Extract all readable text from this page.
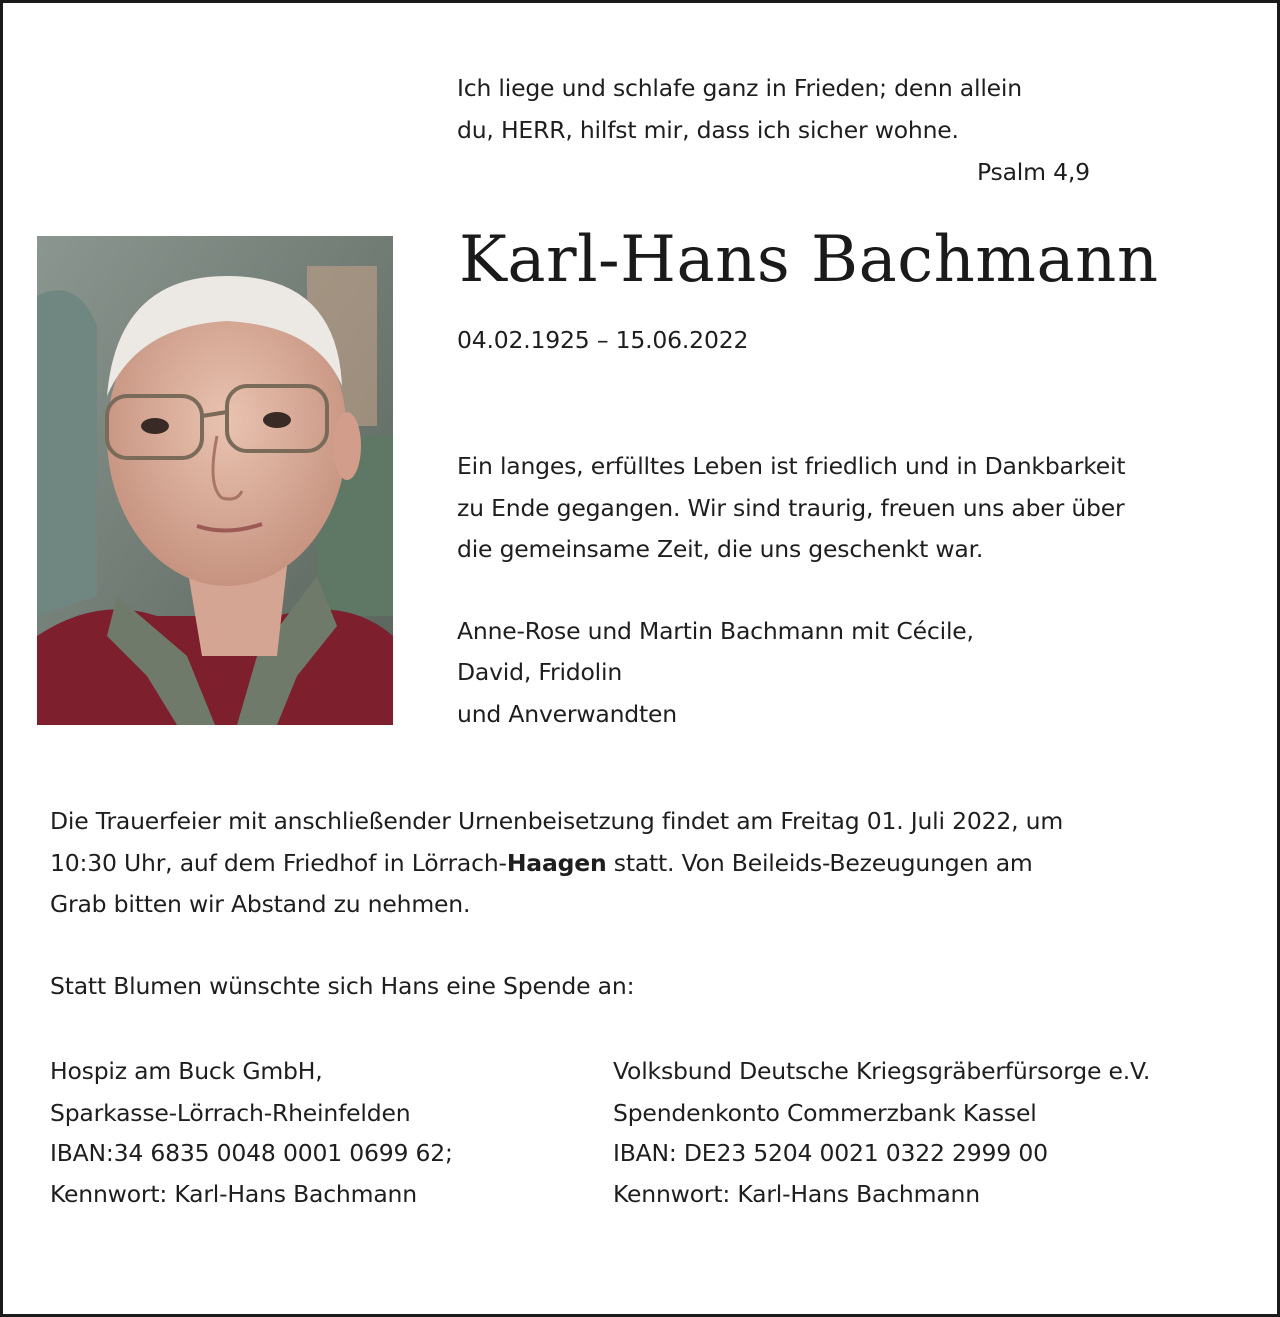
Ich liege und schlafe ganz in Frieden; denn allein
du, HERR, hilfst mir, dass ich sicher wohne.
Psalm 4,9
Karl-Hans Bachmann
04.02.1925 – 15.06.2022
Ein langes, erfülltes Leben ist friedlich und in Dankbarkeit
zu Ende gegangen. Wir sind traurig, freuen uns aber über
die gemeinsame Zeit, die uns geschenkt war.
Anne-Rose und Martin Bachmann mit Cécile,
David, Fridolin
und Anverwandten
Die Trauerfeier mit anschließender Urnenbeisetzung findet am Freitag 01. Juli 2022, um
10:30 Uhr, auf dem Friedhof in Lörrach-Haagen statt. Von Beileids-Bezeugungen am
Grab bitten wir Abstand zu nehmen.
Statt Blumen wünschte sich Hans eine Spende an:
Hospiz am Buck GmbH,
Sparkasse-Lörrach-Rheinfelden
IBAN:34 6835 0048 0001 0699 62;
Kennwort: Karl-Hans Bachmann
Volksbund Deutsche Kriegsgräberfürsorge e.V.
Spendenkonto Commerzbank Kassel
IBAN: DE23 5204 0021 0322 2999 00
Kennwort: Karl-Hans Bachmann
